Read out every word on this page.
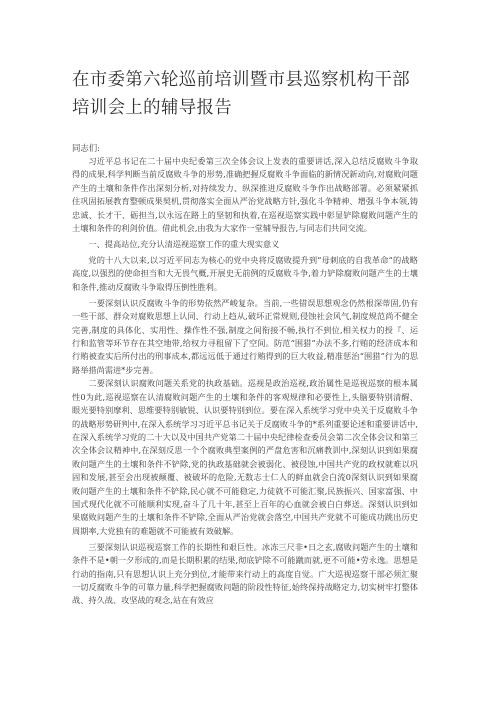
在市委第六轮巡前培训暨市县巡察机构干部培训会上的辅导报告

同志们:

习近平总书记在二十届中央纪委第三次全体会议上发表的重要讲话,深入总结反腐败斗争取得的成果,科学判断当前反腐败斗争的形势,准确把握反腐败斗争面临的新情况新动向,对腐败问题产生的土壤和条件作出深刻分析,对持续发力、纵深推进反腐败斗争作出战略部署。必须紧紧抓住巩固拓展教育整顿成果契机,贯彻落实全面从严治党战略方针,强化斗争精神、增强斗争本领,铸忠诚、长才干、砺担当,以永远在路上的坚韧和执着,在巡视巡察实践中彰显铲除腐败问题产生的土壤和条件的利剑价值。借此机会,由我为大家作一堂辅导报告,与同志们共同交流。

一、提高站位,充分认清巡视巡察工作的重大现实意义

党的十八大以来,以习近平同志为核心的党中央将反腐败提升到“母刺底的自我革命”的战略高度,以强烈的使命担当和大无畏气概,开展史无前例的反腐败斗争,着力铲除腐败问题产生的土壤和条件,推动反腐败斗争取得压倒性胜利。

一要深刻认识反腐败斗争的形势依然严峻复杂。当前,一些错误思想观念仍然根深蒂固,仍有一些干部、群众对腐败思想上认同、行动上趋从,破坏正常规则,侵蚀社会风气,制度规范尚不健全完善,制度的具体化、实用性、操作性不强,制度之间衔接不畅,执行不到位,相关权力的授『、运行和监管等环节存在其空地带,给权力寻租留下了空间。防范“围猎”办法不多,行贿的经济成本和行贿被查实后所付出的刑事成本,都远远低于通过行贿得到的巨大收益,精准惩治“围猎”行为的思路举措尚需进*步完善。

二要深刻认识腐败问题关系党的执政基础。巡视是政治巡视,政治属性是巡视巡察的根本属性0为此,巡视巡察在认清腐败问题产生的土壤和条件的客观规律和必要性上,头脑要特别清醒、眼光要特别摩利、思维要特别敏锐、认识要特别到位。要在深入系统学习党中央关于反腐败斗争的战略形势研判中,在深入系统学习习近平总书记关于反腐败斗争的*系列重要论述和重要讲话中,在深入系统学习党的二十大以及中国共产党第二十届中央纪律检查委员会第二次全体会议和第三次全体会议精神中,在深刻反思一个个腐败典型案例的严盘危害和沉痛教训中,深刻认识到如果腐败问题产生的土壤和条件不铲除,党的执政基础就会被弱化、被侵蚀,中国共产党的政权就难以巩固和发展,甚至会出现被颠覆、被破坏的危险,无数志士仁人的鲜血就会白流0深刻认识到如果腐败问题产生的土壤和条件不铲除,民心就不可能稳定,力徒就不可能汇聚,民族振兴、国家富强、中国式现代化就不可能顺利实现,奋斗了几十年,甚至上百年的心血就会被白白葬送。深刻认识到如果腐败问题产生的土壤和条件不铲除,全面从严治党就会落空,中国共产党就不可能成功跳出历史周期率,大党独有的难题就不可能被有效破解。

三要深刻认识巡视巡察工作的长期性和艰巨性。冰冻三尺非•日之玄,腐败问题产生的土壤和条件不是•朝一夕形成的,而是长期积累的结果,彻底铲除不可能蹴而就,更不可能•劳永逸。思想是行动的指南,只有思想认识上充分到位,才能带来行动上的高度自觉。广大巡视巡察干部必须汇聚一切反腐败斗争的可靠力量,科学把握腐败问题的阶段性特征,始终保持战略定力,切实树牢打整体战、持久战、攻坚战的观念,站在有效应
